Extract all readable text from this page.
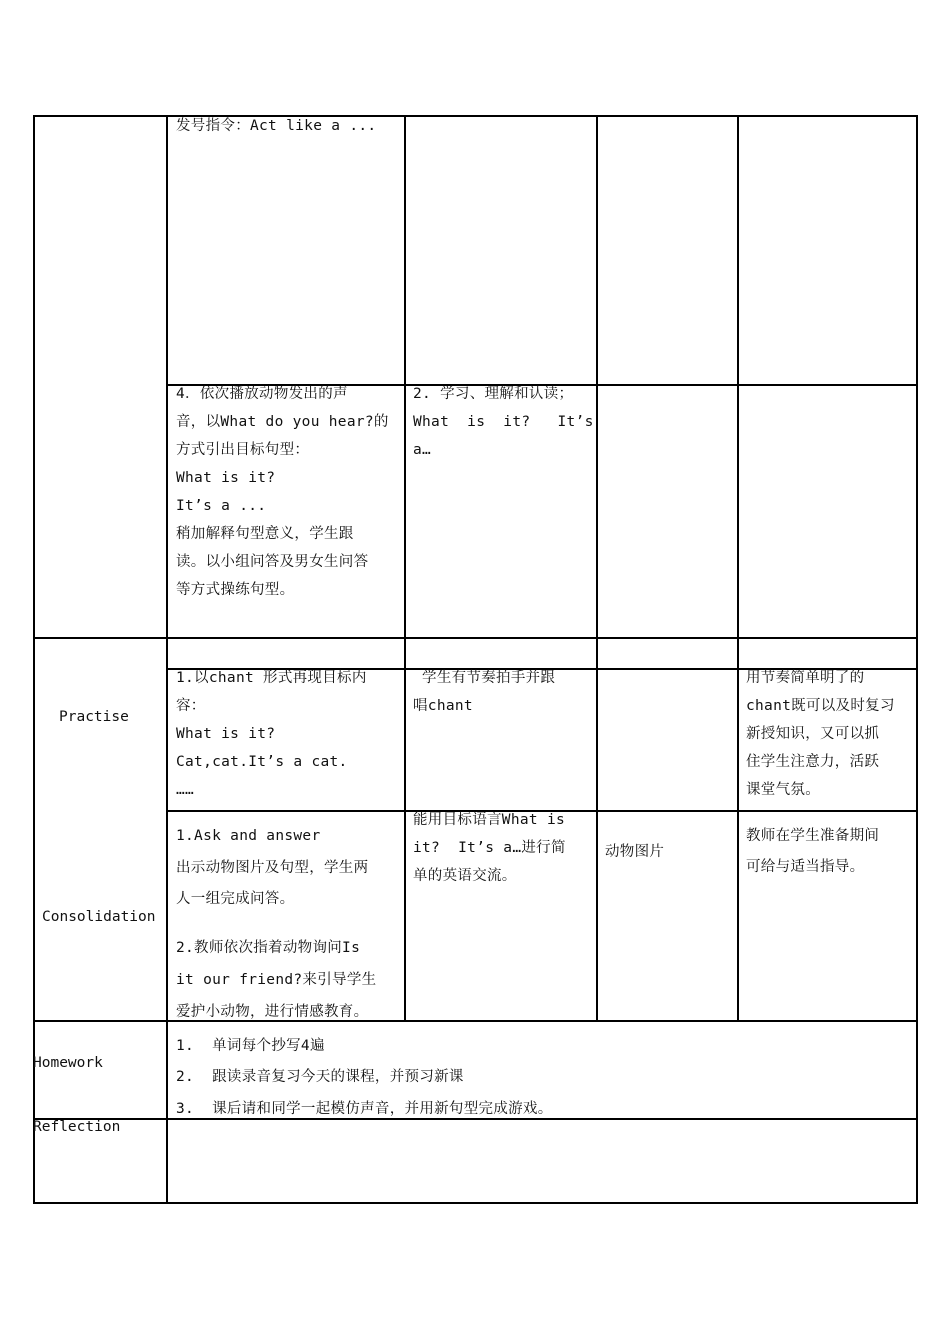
发号指令：Act like a ...
4．依次播放动物发出的声
音，以What do you hear?的
方式引出目标句型：
What is it?
It’s a ...
稍加解释句型意义，学生跟
读。以小组问答及男女生问答
等方式操练句型。
2. 学习、理解和认读；
What  is  it?   It’s
a…
Practise
1.以chant 形式再现目标内
容：
What is it?
Cat,cat.It’s a cat.
……
学生有节奏拍手并跟
唱chant
用节奏简单明了的
chant既可以及时复习
新授知识，又可以抓
住学生注意力，活跃
课堂气氛。
Consolidation
1.Ask and answer
出示动物图片及句型，学生两
人一组完成问答。
2.教师依次指着动物询问Is
it our friend?来引导学生
爱护小动物，进行情感教育。
能用目标语言What is
it?  It’s a…进行简
单的英语交流。
动物图片
教师在学生准备期间
可给与适当指导。
Homework
1.  单词每个抄写4遍
2.  跟读录音复习今天的课程，并预习新课
3.  课后请和同学一起模仿声音，并用新句型完成游戏。
Reflection
